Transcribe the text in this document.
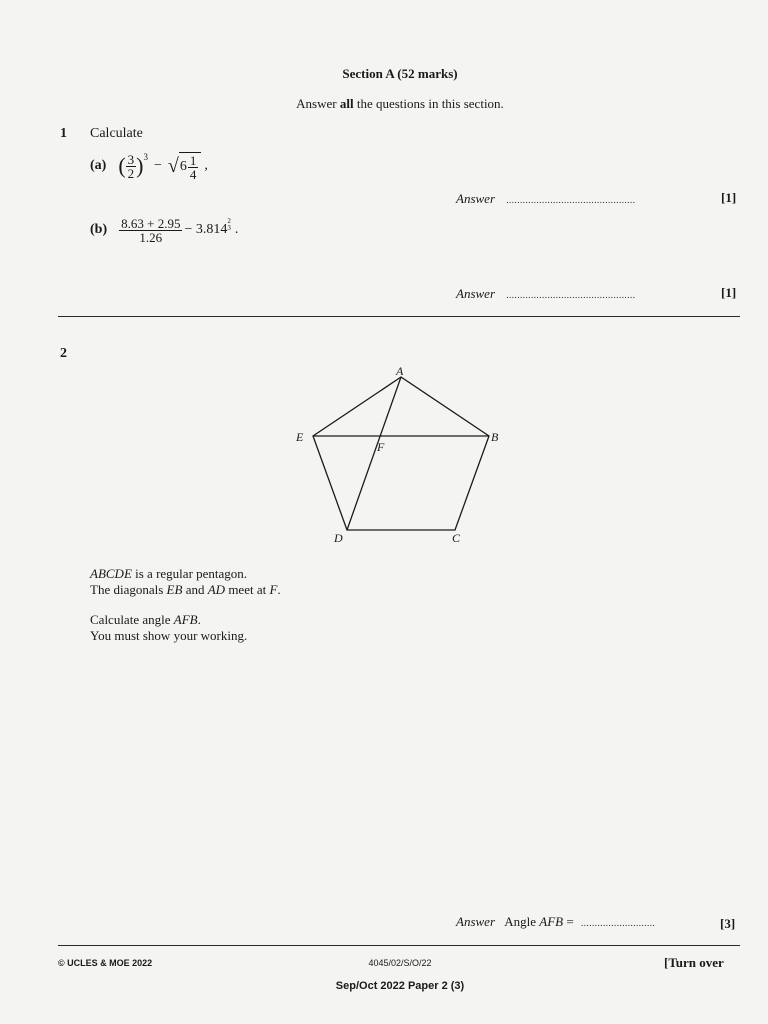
Section A (52 marks)
Answer all the questions in this section.
1 Calculate
(a) ( $\frac{3}{2} )^3$
− √ $6 \frac{1}{4}$ ,
Answer ...............................................	[1]
$(b) \frac{8.63 + 2.95}{1.26} - 3.814$
2
3 .
Answer ...............................................	[1]
2
A
B
C
D
E
F
ABCDE is a regular pentagon.
The diagonals EB and AD meet at F.
Calculate angle AFB.
You must show your working.
Answer Angle AFB = ...........................	[3]
© UCLES & MOE 2022	4045/02/S/O/22	[Turn over
Sep/Oct 2022 Paper 2 (3)
